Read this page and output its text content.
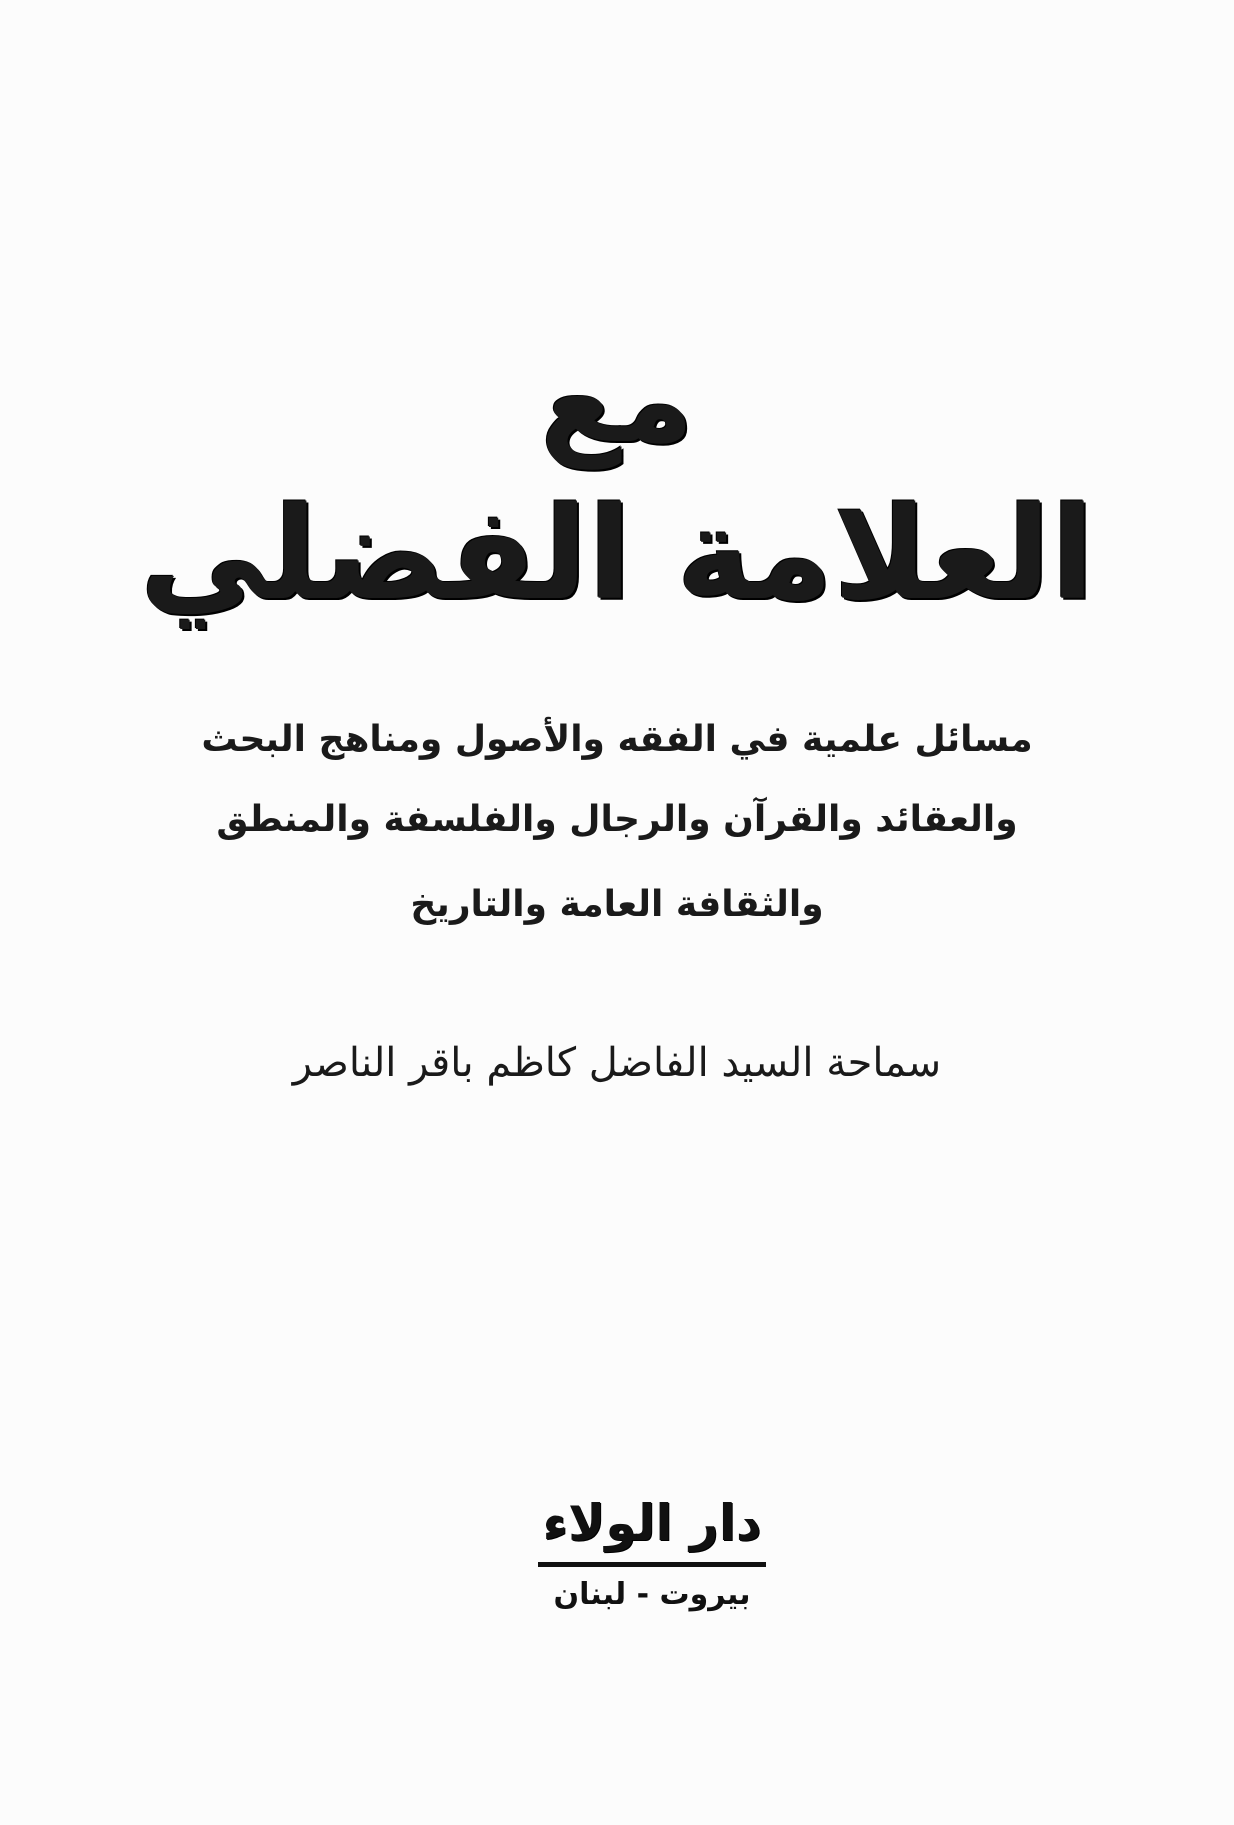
مع
العلامة الفضلي
مسائل علمية في الفقه والأصول ومناهج البحث
والعقائد والقرآن والرجال والفلسفة والمنطق
والثقافة العامة والتاريخ
سماحة السيد الفاضل كاظم باقر الناصر
دار الولاء
بيروت - لبنان
